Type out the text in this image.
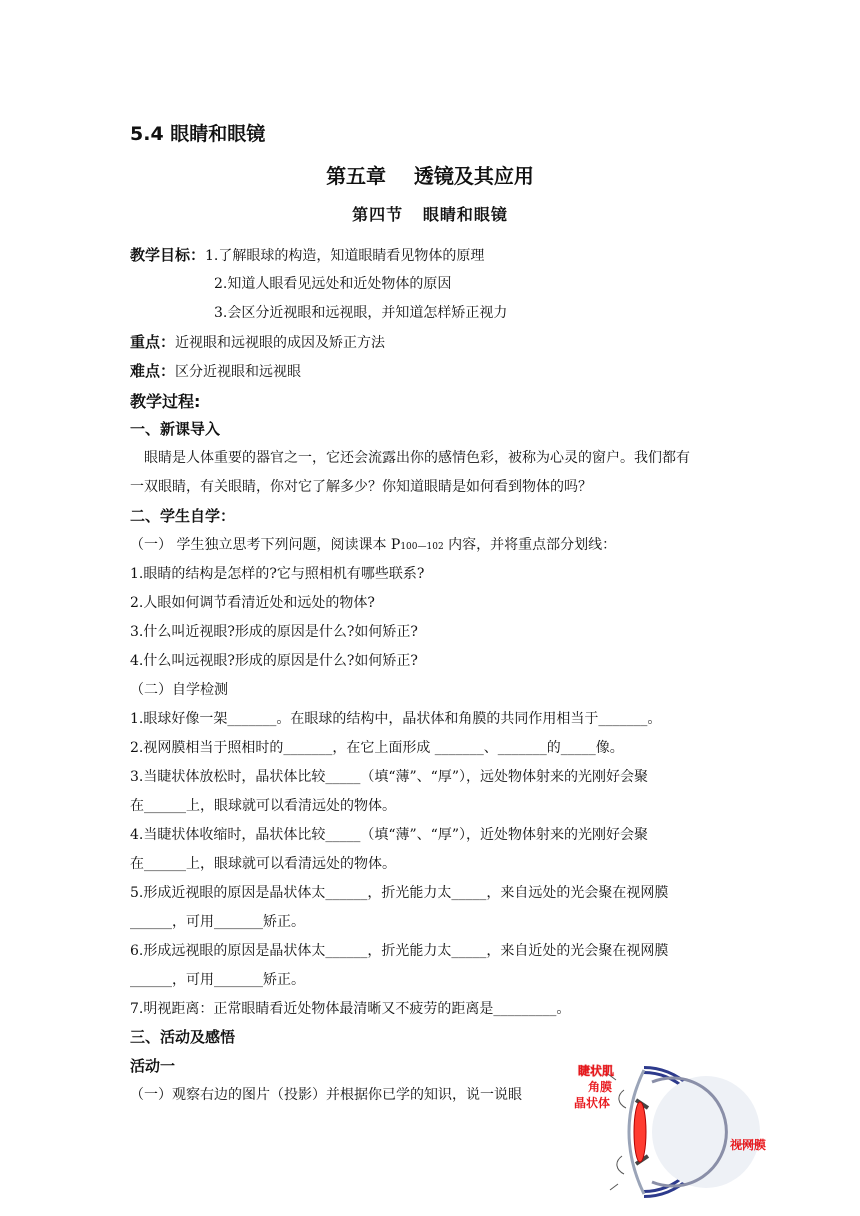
5.4 眼睛和眼镜
第五章    透镜及其应用
第四节   眼睛和眼镜
教学目标：1.了解眼球的构造，知道眼睛看见物体的原理
2.知道人眼看见远处和近处物体的原因
3.会区分近视眼和远视眼，并知道怎样矫正视力
重点：近视眼和远视眼的成因及矫正方法
难点：区分近视眼和远视眼
教学过程:
一、新课导入
眼睛是人体重要的器官之一，它还会流露出你的感情色彩，被称为心灵的窗户。我们都有
一双眼睛，有关眼睛，你对它了解多少？你知道眼睛是如何看到物体的吗？
二、学生自学：
（一） 学生独立思考下列问题，阅读课本 P100—102 内容，并将重点部分划线：
1.眼睛的结构是怎样的?它与照相机有哪些联系?
2.人眼如何调节看清近处和远处的物体?
3.什么叫近视眼?形成的原因是什么?如何矫正?
4.什么叫远视眼?形成的原因是什么?如何矫正?
（二）自学检测
1.眼球好像一架_______。在眼球的结构中，晶状体和角膜的共同作用相当于_______。
2.视网膜相当于照相时的_______，在它上面形成 _______、_______的_____像。
3.当睫状体放松时，晶状体比较_____（填“薄”、“厚”），远处物体射来的光刚好会聚
在______上，眼球就可以看清远处的物体。
4.当睫状体收缩时，晶状体比较_____（填“薄”、“厚”），近处物体射来的光刚好会聚
在______上，眼球就可以看清远处的物体。
5.形成近视眼的原因是晶状体太______，折光能力太_____，来自远处的光会聚在视网膜
______，可用_______矫正。
6.形成远视眼的原因是晶状体太______，折光能力太_____，来自近处的光会聚在视网膜
______，可用_______矫正。
7.明视距离：正常眼睛看近处物体最清晰又不疲劳的距离是_________。
三、活动及感悟
活动一
（一）观察右边的图片（投影）并根据你已学的知识，说一说眼
睫状肌
角膜
晶状体
视网膜
